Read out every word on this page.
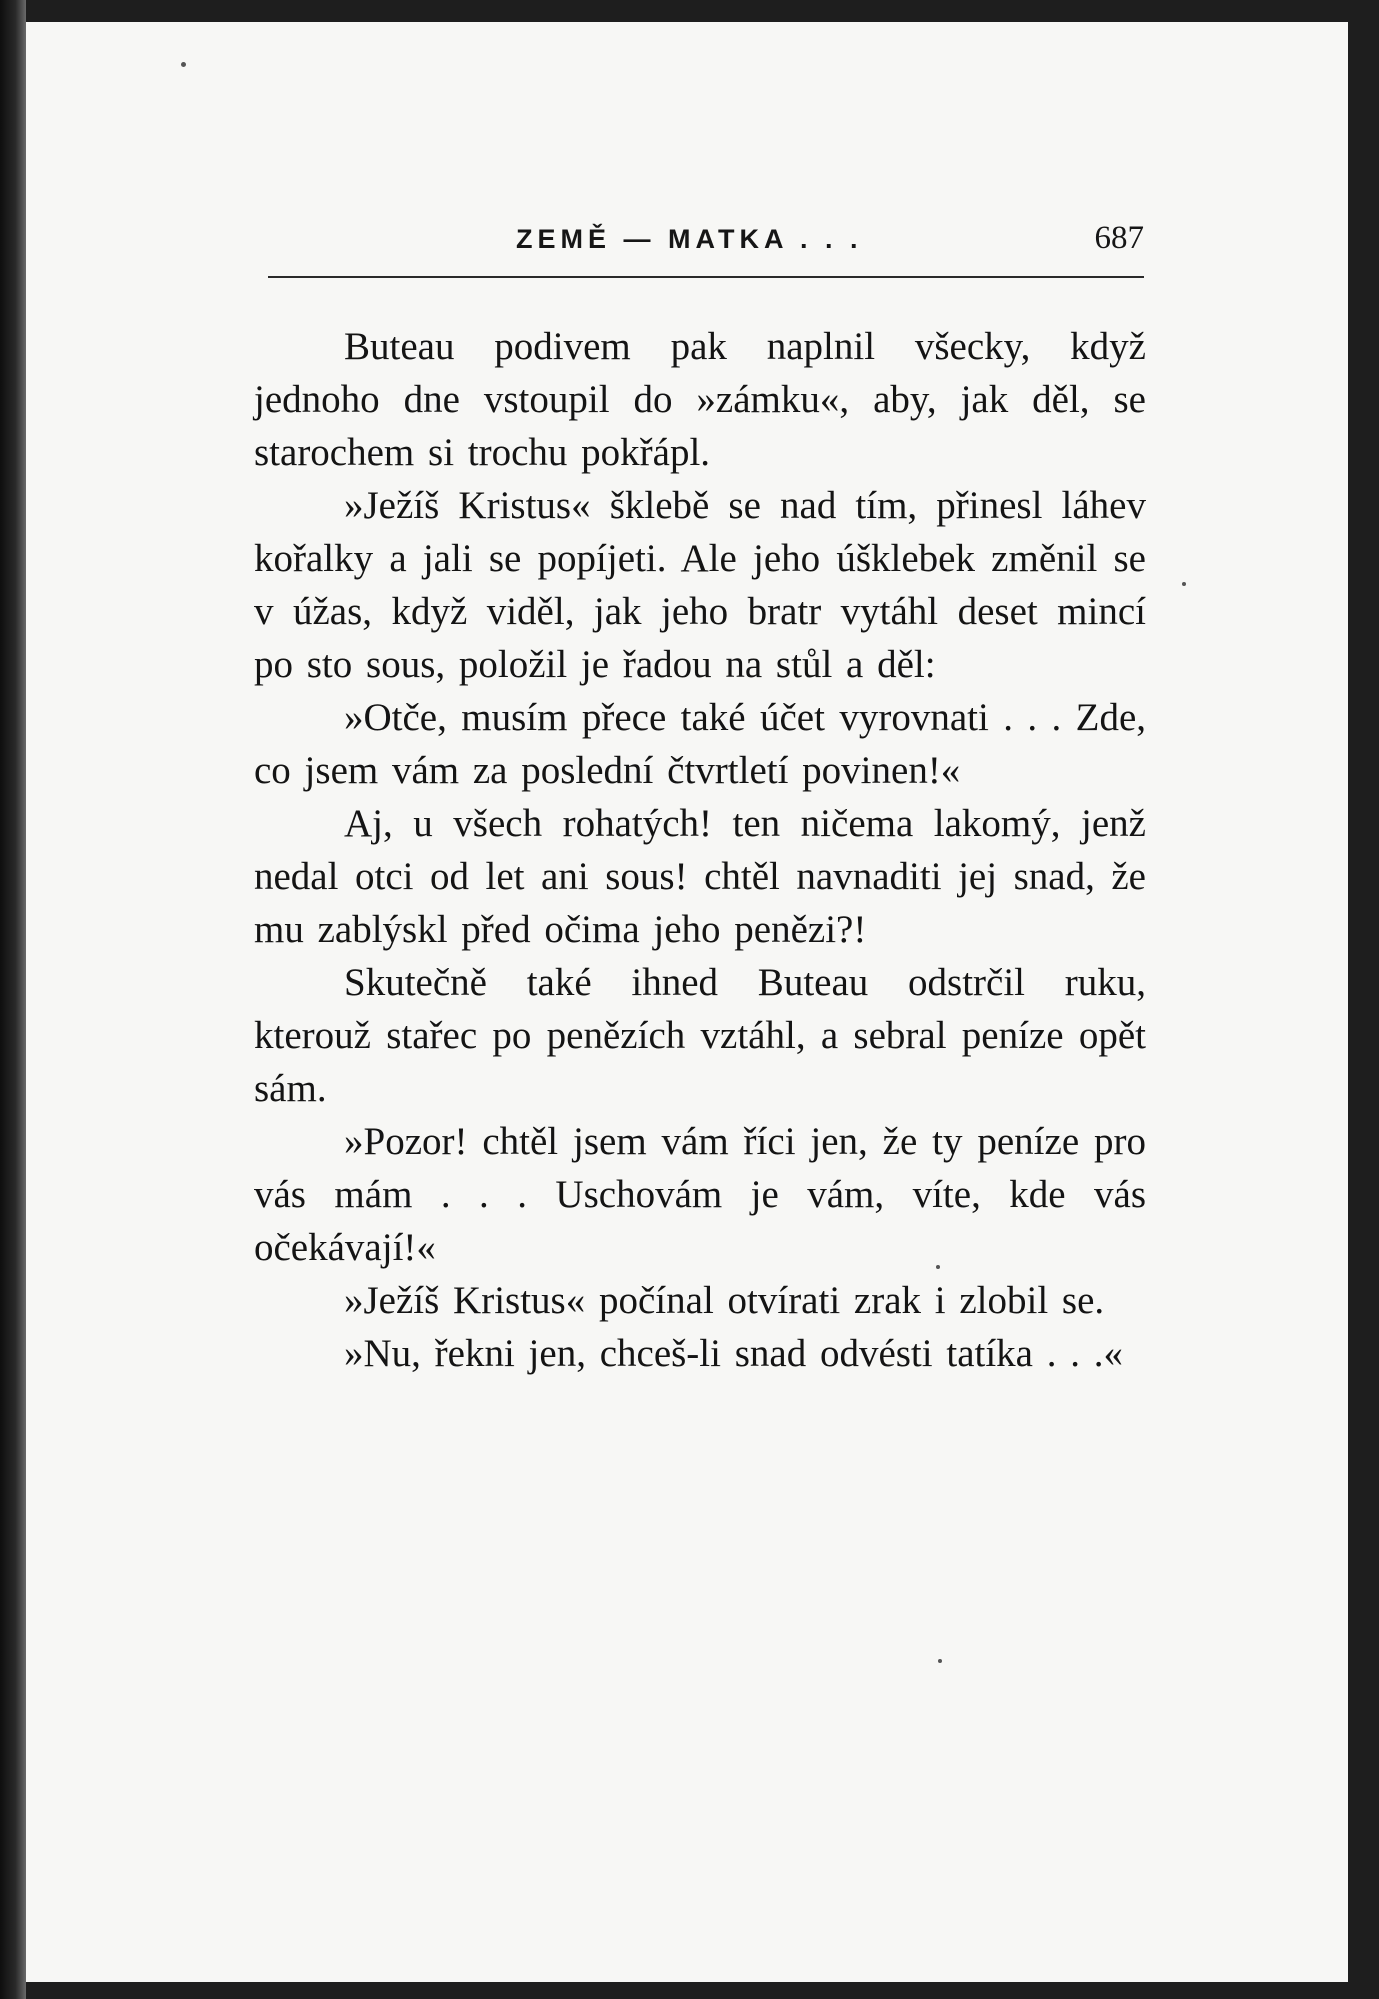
ZEMĚ — MATKA . . .	687

Buteau podivem pak naplnil všecky, když jednoho dne vstoupil do »zámku«, aby, jak děl, se starochem si trochu pokřápl.

»Ježíš Kristus« šklebě se nad tím, přinesl láhev kořalky a jali se popíjeti. Ale jeho úšklebek změnil se v úžas, když viděl, jak jeho bratr vytáhl deset mincí po sto sous, položil je řadou na stůl a děl:

»Otče, musím přece také účet vyrovnati . . . Zde, co jsem vám za poslední čtvrtletí povinen!«

Aj, u všech rohatých! ten ničema lakomý, jenž nedal otci od let ani sous! chtěl navnaditi jej snad, že mu zablýskl před očima jeho penězi?!

Skutečně také ihned Buteau odstrčil ruku, kterouž stařec po penězích vztáhl, a sebral peníze opět sám.

»Pozor! chtěl jsem vám říci jen, že ty peníze pro vás mám . . . Uschovám je vám, víte, kde vás očekávají!«

»Ježíš Kristus« počínal otvírati zrak i zlobil se.

»Nu, řekni jen, chceš-li snad odvésti tatíka . . .«
